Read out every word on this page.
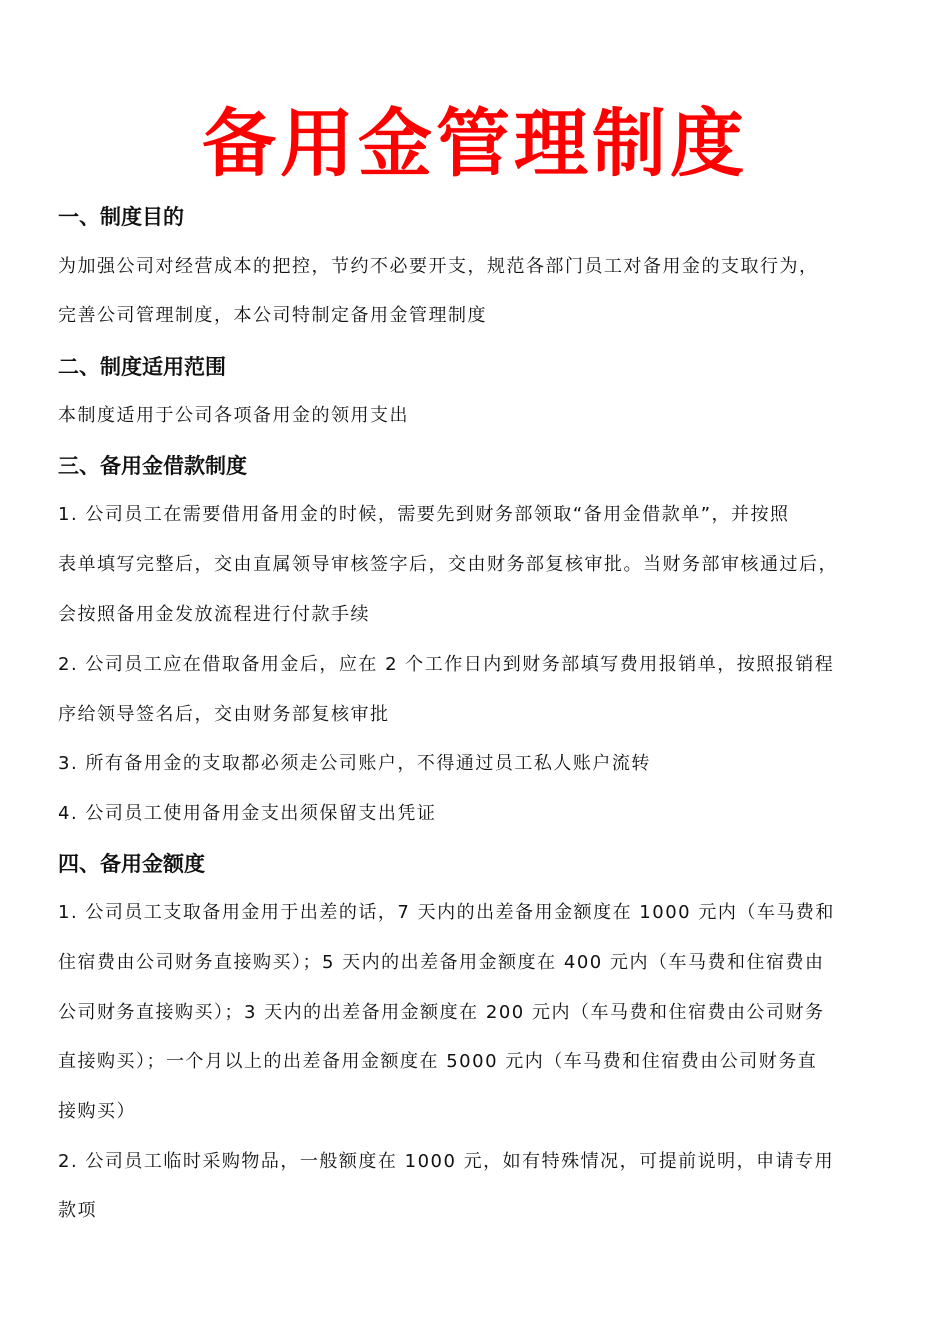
备用金管理制度
一、制度目的
为加强公司对经营成本的把控，节约不必要开支，规范各部门员工对备用金的支取行为，
完善公司管理制度，本公司特制定备用金管理制度
二、制度适用范围
本制度适用于公司各项备用金的领用支出
三、备用金借款制度
1. 公司员工在需要借用备用金的时候，需要先到财务部领取“备用金借款单”，并按照
表单填写完整后，交由直属领导审核签字后，交由财务部复核审批。当财务部审核通过后，
会按照备用金发放流程进行付款手续
2. 公司员工应在借取备用金后，应在 2 个工作日内到财务部填写费用报销单，按照报销程
序给领导签名后，交由财务部复核审批
3. 所有备用金的支取都必须走公司账户，不得通过员工私人账户流转
4. 公司员工使用备用金支出须保留支出凭证
四、备用金额度
1. 公司员工支取备用金用于出差的话，7 天内的出差备用金额度在 1000 元内（车马费和
住宿费由公司财务直接购买）；5 天内的出差备用金额度在 400 元内（车马费和住宿费由
公司财务直接购买）；3 天内的出差备用金额度在 200 元内（车马费和住宿费由公司财务
直接购买）；一个月以上的出差备用金额度在 5000 元内（车马费和住宿费由公司财务直
接购买）
2. 公司员工临时采购物品，一般额度在 1000 元，如有特殊情况，可提前说明，申请专用
款项
